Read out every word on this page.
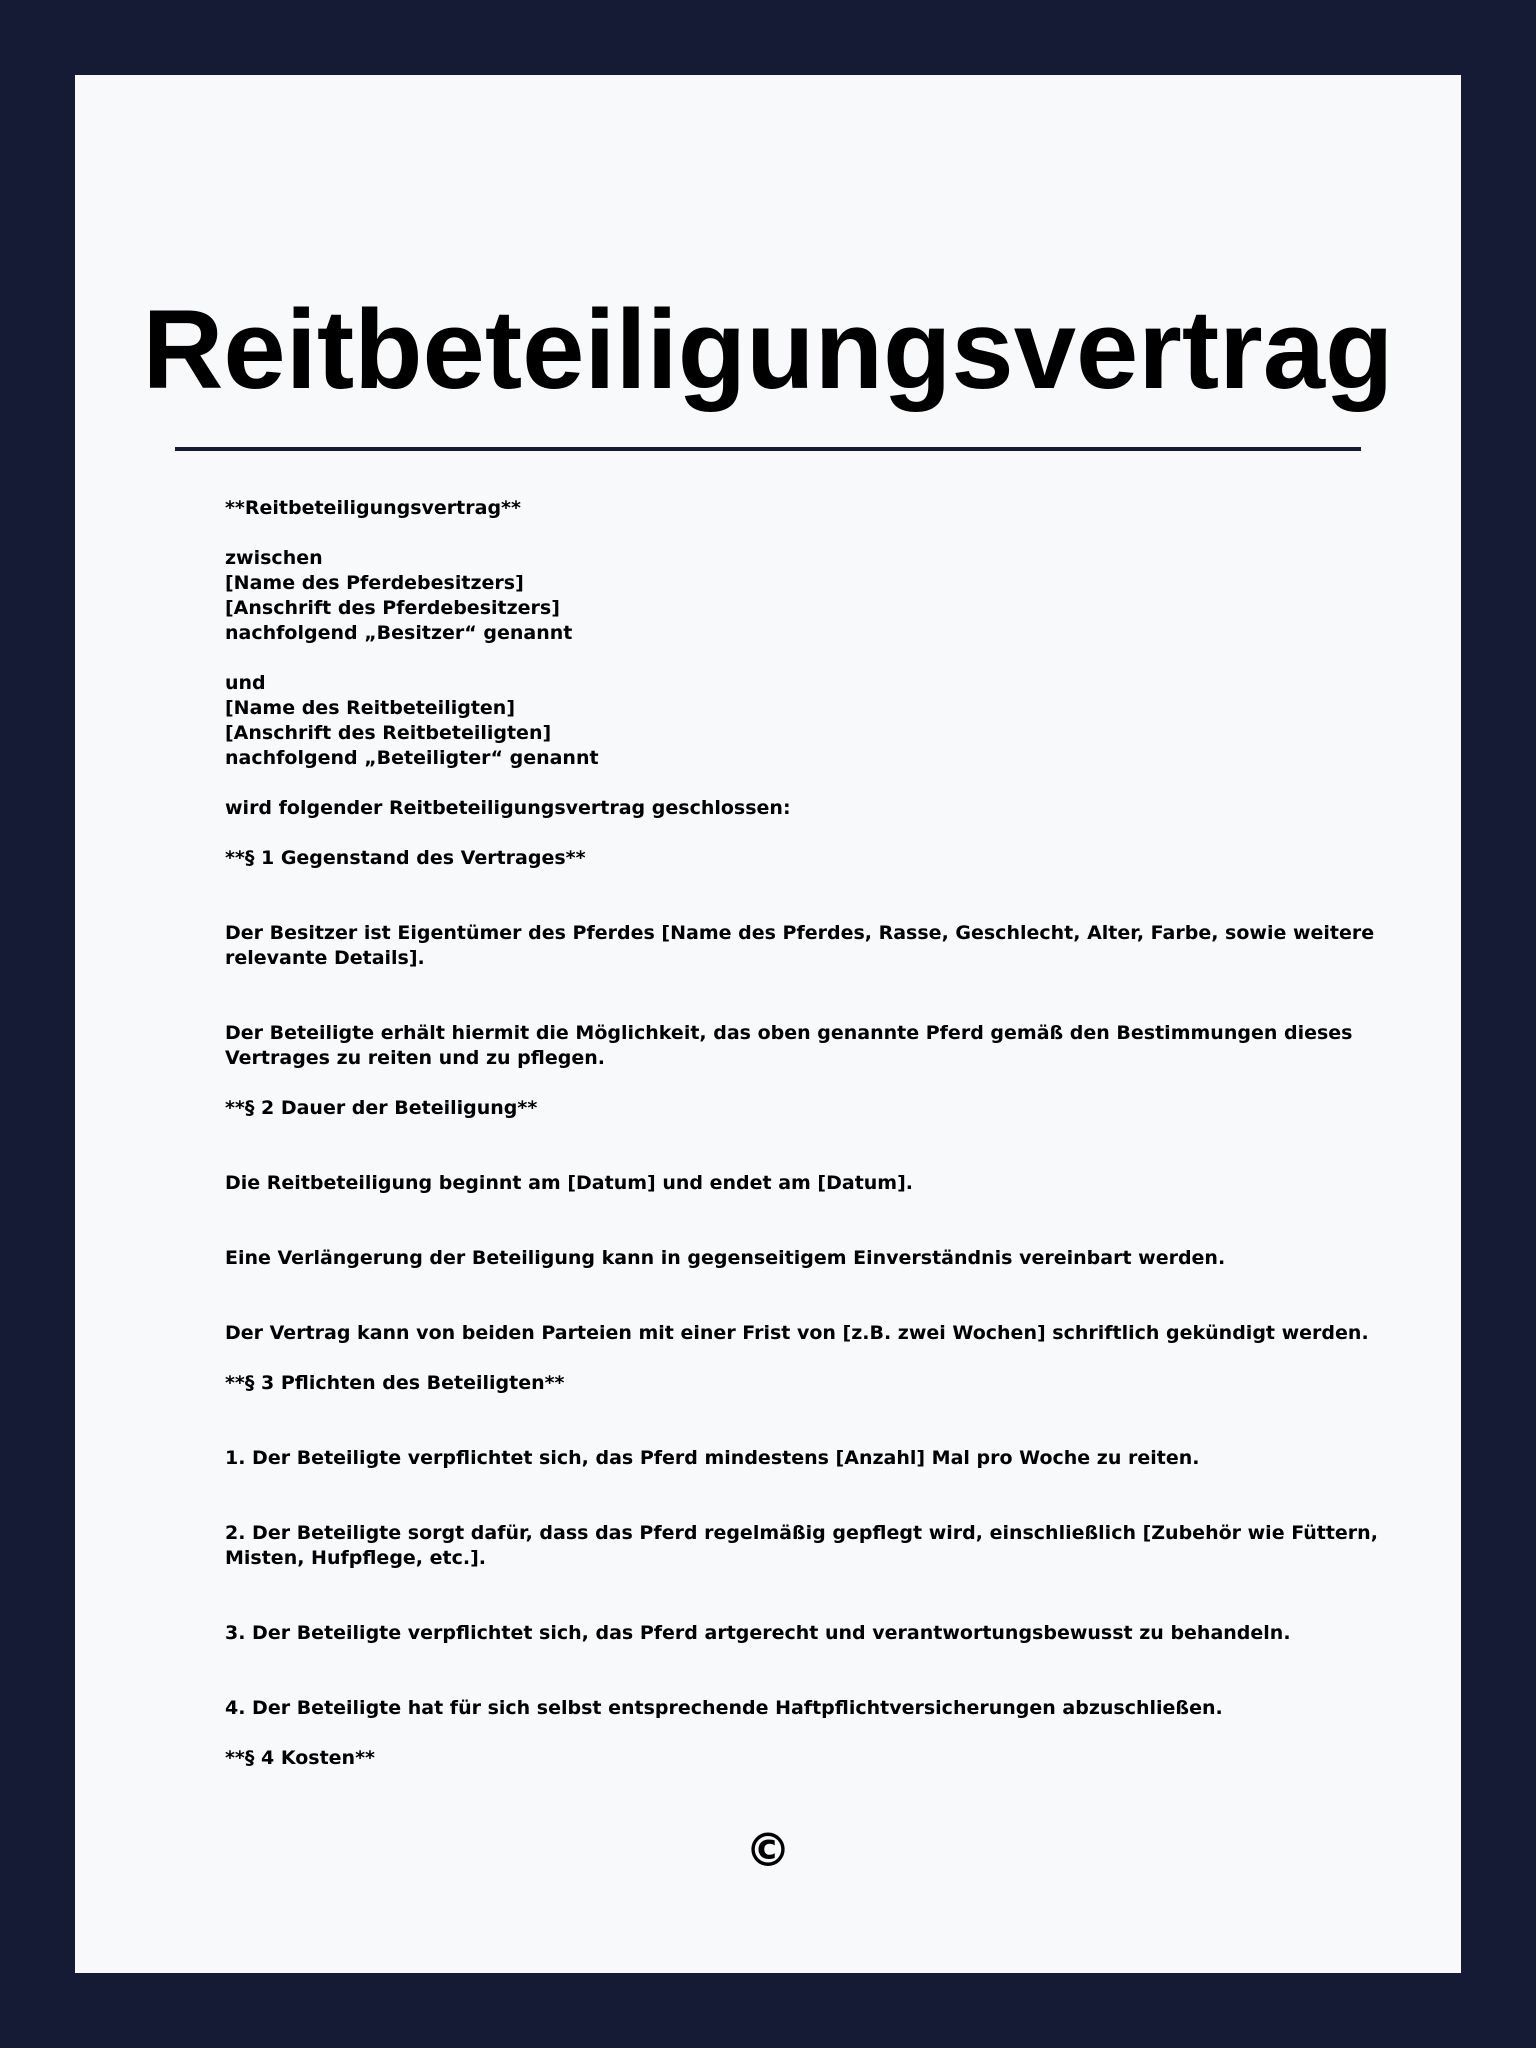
Reitbeteiligungsvertrag
**Reitbeteiligungsvertrag**
zwischen
[Name des Pferdebesitzers]
[Anschrift des Pferdebesitzers]
nachfolgend „Besitzer“ genannt
und
[Name des Reitbeteiligten]
[Anschrift des Reitbeteiligten]
nachfolgend „Beteiligter“ genannt
wird folgender Reitbeteiligungsvertrag geschlossen:
**§ 1 Gegenstand des Vertrages**
Der Besitzer ist Eigentümer des Pferdes [Name des Pferdes, Rasse, Geschlecht, Alter, Farbe, sowie weitere relevante Details].
Der Beteiligte erhält hiermit die Möglichkeit, das oben genannte Pferd gemäß den Bestimmungen dieses Vertrages zu reiten und zu pflegen.
**§ 2 Dauer der Beteiligung**
Die Reitbeteiligung beginnt am [Datum] und endet am [Datum].
Eine Verlängerung der Beteiligung kann in gegenseitigem Einverständnis vereinbart werden.
Der Vertrag kann von beiden Parteien mit einer Frist von [z.B. zwei Wochen] schriftlich gekündigt werden.
**§ 3 Pflichten des Beteiligten**
1. Der Beteiligte verpflichtet sich, das Pferd mindestens [Anzahl] Mal pro Woche zu reiten.
2. Der Beteiligte sorgt dafür, dass das Pferd regelmäßig gepflegt wird, einschließlich [Zubehör wie Füttern, Misten, Hufpflege, etc.].
3. Der Beteiligte verpflichtet sich, das Pferd artgerecht und verantwortungsbewusst zu behandeln.
4. Der Beteiligte hat für sich selbst entsprechende Haftpflichtversicherungen abzuschließen.
**§ 4 Kosten**
©
